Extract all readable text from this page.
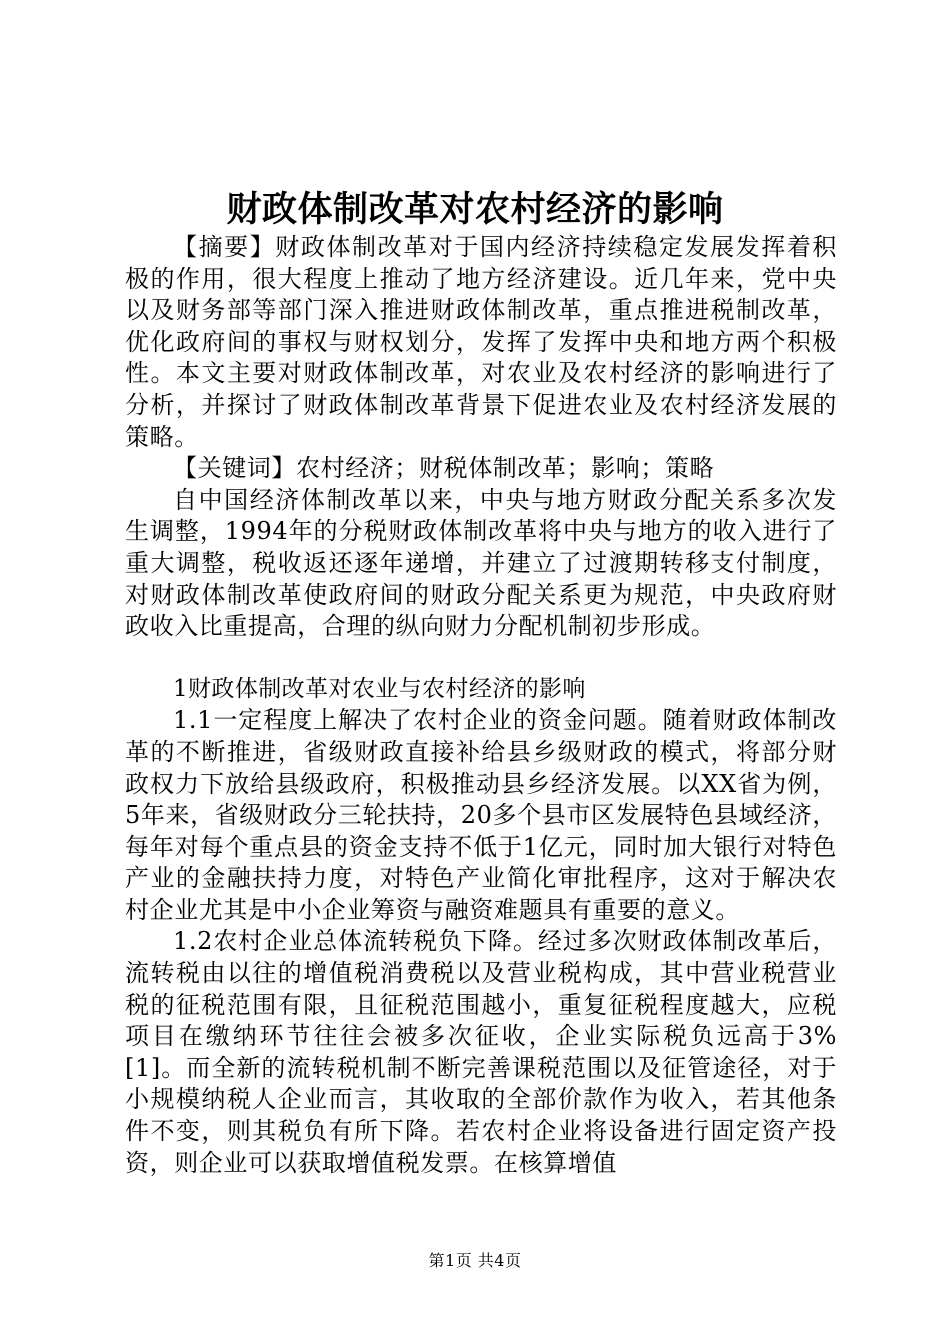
财政体制改革对农村经济的影响

【摘要】财政体制改革对于国内经济持续稳定发展发挥着积极的作用，很大程度上推动了地方经济建设。近几年来，党中央以及财务部等部门深入推进财政体制改革，重点推进税制改革，优化政府间的事权与财权划分，发挥了发挥中央和地方两个积极性。本文主要对财政体制改革，对农业及农村经济的影响进行了分析，并探讨了财政体制改革背景下促进农业及农村经济发展的策略。

【关键词】农村经济；财税体制改革；影响；策略

自中国经济体制改革以来，中央与地方财政分配关系多次发生调整，1994年的分税财政体制改革将中央与地方的收入进行了重大调整，税收返还逐年递增，并建立了过渡期转移支付制度，对财政体制改革使政府间的财政分配关系更为规范，中央政府财政收入比重提高，合理的纵向财力分配机制初步形成。

1财政体制改革对农业与农村经济的影响

1.1一定程度上解决了农村企业的资金问题。随着财政体制改革的不断推进，省级财政直接补给县乡级财政的模式，将部分财政权力下放给县级政府，积极推动县乡经济发展。以XX省为例，5年来，省级财政分三轮扶持，20多个县市区发展特色县域经济，每年对每个重点县的资金支持不低于1亿元，同时加大银行对特色产业的金融扶持力度，对特色产业简化审批程序，这对于解决农村企业尤其是中小企业筹资与融资难题具有重要的意义。

1.2农村企业总体流转税负下降。经过多次财政体制改革后，流转税由以往的增值税消费税以及营业税构成，其中营业税营业税的征税范围有限，且征税范围越小，重复征税程度越大，应税项目在缴纳环节往往会被多次征收，企业实际税负远高于3%[1]。而全新的流转税机制不断完善课税范围以及征管途径，对于小规模纳税人企业而言，其收取的全部价款作为收入，若其他条件不变，则其税负有所下降。若农村企业将设备进行固定资产投资，则企业可以获取增值税发票。在核算增值

第1页 共4页
